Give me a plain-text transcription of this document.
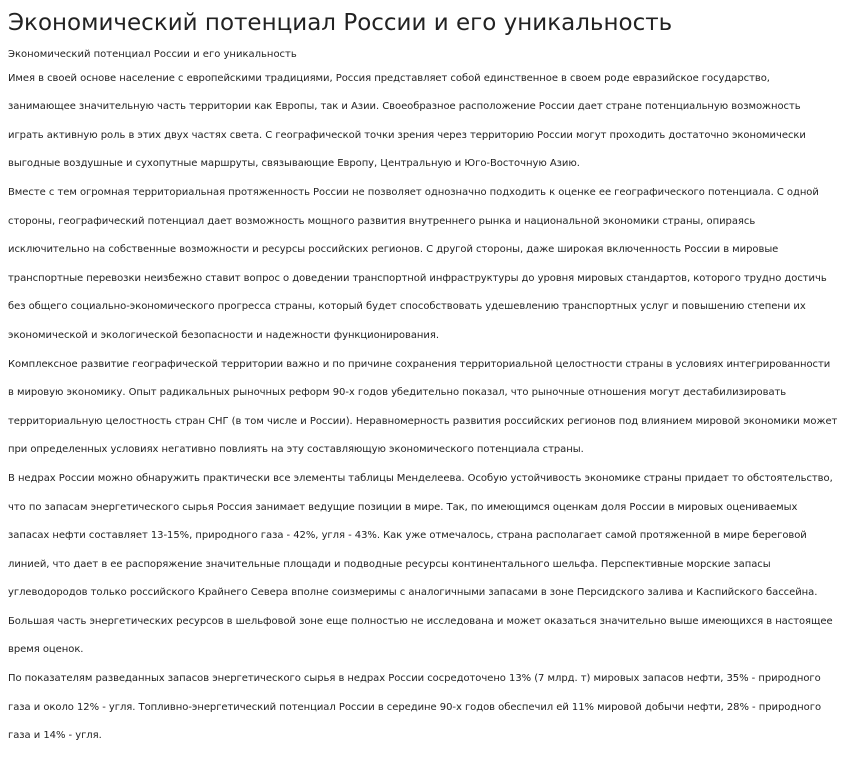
Экономический потенциал России и его уникальность

Экономический потенциал России и его уникальность

Имея в своей основе население с европейскими традициями, Россия представляет собой единственное в своем роде евразийское государство, занимающее значительную часть территории как Европы, так и Азии. Своеобразное расположение России дает стране потенциальную возможность играть активную роль в этих двух частях света. С географической точки зрения через территорию России могут проходить достаточно экономически выгодные воздушные и сухопутные маршруты, связывающие Европу, Центральную и Юго-Восточную Азию.

Вместе с тем огромная территориальная протяженность России не позволяет однозначно подходить к оценке ее географического потенциала. С одной стороны, географический потенциал дает возможность мощного развития внутреннего рынка и национальной экономики страны, опираясь исключительно на собственные возможности и ресурсы российских регионов. С другой стороны, даже широкая включенность России в мировые транспортные перевозки неизбежно ставит вопрос о доведении транспортной инфраструктуры до уровня мировых стандартов, которого трудно достичь без общего социально-экономического прогресса страны, который будет способствовать удешевлению транспортных услуг и повышению степени их экономической и экологической безопасности и надежности функционирования.

Комплексное развитие географической территории важно и по причине сохранения территориальной целостности страны в условиях интегрированности в мировую экономику. Опыт радикальных рыночных реформ 90-х годов убедительно показал, что рыночные отношения могут дестабилизировать территориальную целостность стран СНГ (в том числе и России). Неравномерность развития российских регионов под влиянием мировой экономики может при определенных условиях негативно повлиять на эту составляющую экономического потенциала страны.

В недрах России можно обнаружить практически все элементы таблицы Менделеева. Особую устойчивость экономике страны придает то обстоятельство, что по запасам энергетического сырья Россия занимает ведущие позиции в мире. Так, по имеющимся оценкам доля России в мировых оцениваемых запасах нефти составляет 13-15%, природного газа - 42%, угля - 43%. Как уже отмечалось, страна располагает самой протяженной в мире береговой линией, что дает в ее распоряжение значительные площади и подводные ресурсы континентального шельфа. Перспективные морские запасы углеводородов только российского Крайнего Севера вполне соизмеримы с аналогичными запасами в зоне Персидского залива и Каспийского бассейна. Большая часть энергетических ресурсов в шельфовой зоне еще полностью не исследована и может оказаться значительно выше имеющихся в настоящее время оценок.

По показателям разведанных запасов энергетического сырья в недрах России сосредоточено 13% (7 млрд. т) мировых запасов нефти, 35% - природного газа и около 12% - угля. Топливно-энергетический потенциал России в середине 90-х годов обеспечил ей 11% мировой добычи нефти, 28% - природного газа и 14% - угля.
